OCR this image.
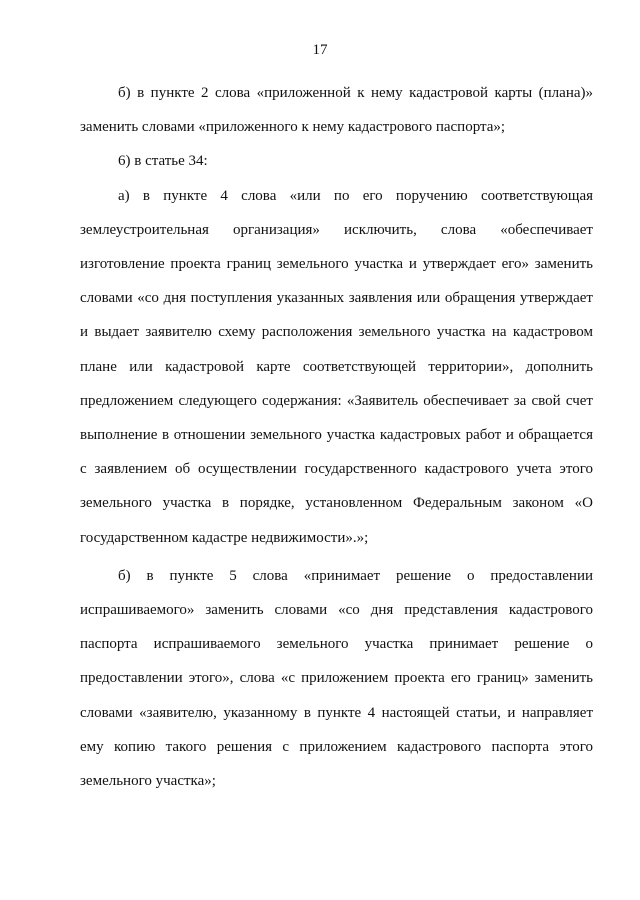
17

б) в пункте 2 слова «приложенной к нему кадастровой карты (плана)» заменить словами «приложенного к нему кадастрового паспорта»;

6) в статье 34:

а) в пункте 4 слова «или по его поручению соответствующая землеустроительная организация» исключить, слова «обеспечивает изготовление проекта границ земельного участка и утверждает его» заменить словами «со дня поступления указанных заявления или обращения утверждает и выдает заявителю схему расположения земельного участка на кадастровом плане или кадастровой карте соответствующей территории», дополнить предложением следующего содержания: «Заявитель обеспечивает за свой счет выполнение в отношении земельного участка кадастровых работ и обращается с заявлением об осуществлении государственного кадастрового учета этого земельного участка в порядке, установленном Федеральным законом «О государственном кадастре недвижимости».»;

б) в пункте 5 слова «принимает решение о предоставлении испрашиваемого» заменить словами «со дня представления кадастрового паспорта испрашиваемого земельного участка принимает решение о предоставлении этого», слова «с приложением проекта его границ» заменить словами «заявителю, указанному в пункте 4 настоящей статьи, и направляет ему копию такого решения с приложением кадастрового паспорта этого земельного участка»;
